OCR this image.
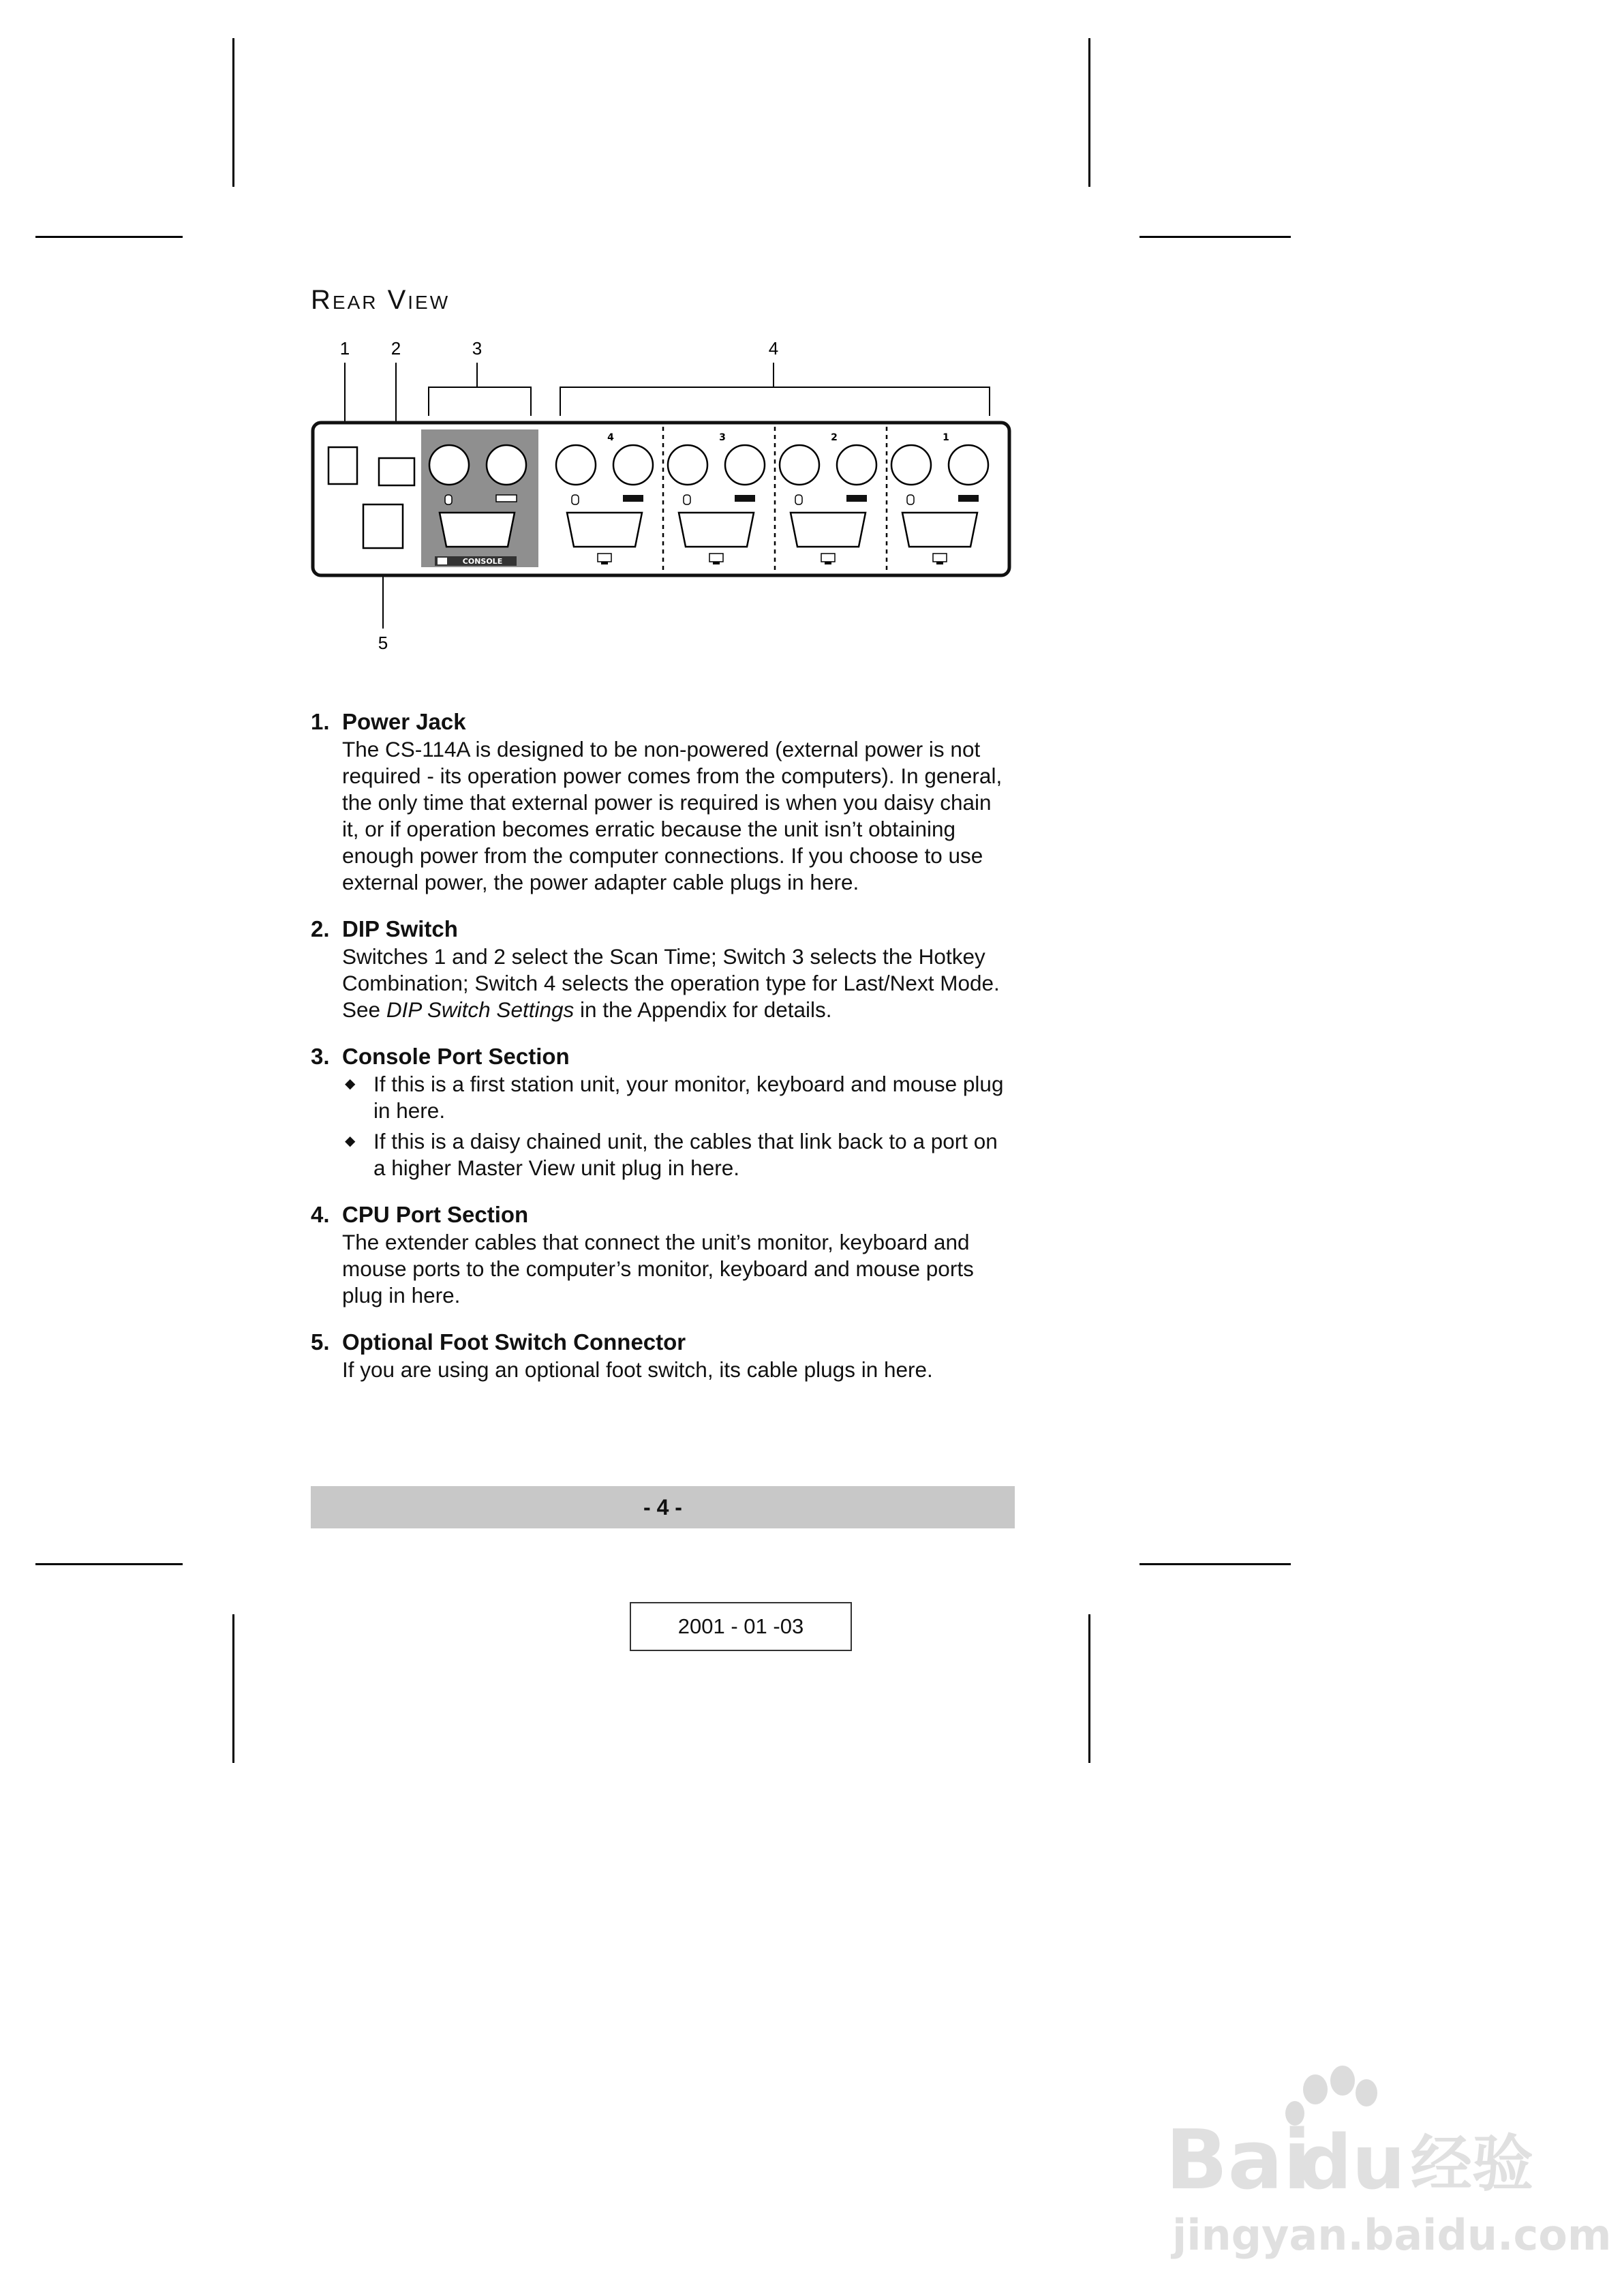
Rear View
1 2	3	4
5
CONSOLE
4	3	2	1
1. Power Jack
The CS-114A is designed to be non-powered (external power is not required - its operation power comes from the computers). In general, the only time that external power is required is when you daisy chain it, or if operation becomes erratic because the unit isn’t obtaining enough power from the computer connections. If you choose to use external power, the power adapter cable plugs in here.
2. DIP Switch
Switches 1 and 2 select the Scan Time; Switch 3 selects the Hotkey Combination; Switch 4 selects the operation type for Last/Next Mode. See DIP Switch Settings in the Appendix for details.
3. Console Port Section
◆ If this is a first station unit, your monitor, keyboard and mouse plug in here.
◆ If this is a daisy chained unit, the cables that link back to a port on a higher Master View unit plug in here.
4. CPU Port Section
The extender cables that connect the unit’s monitor, keyboard and mouse ports to the computer’s monitor, keyboard and mouse ports plug in here.
5. Optional Foot Switch Connector
If you are using an optional foot switch, its cable plugs in here.
- 4 -
2001 - 01 -03
Bai
du 经验
jingyan.baidu.com
